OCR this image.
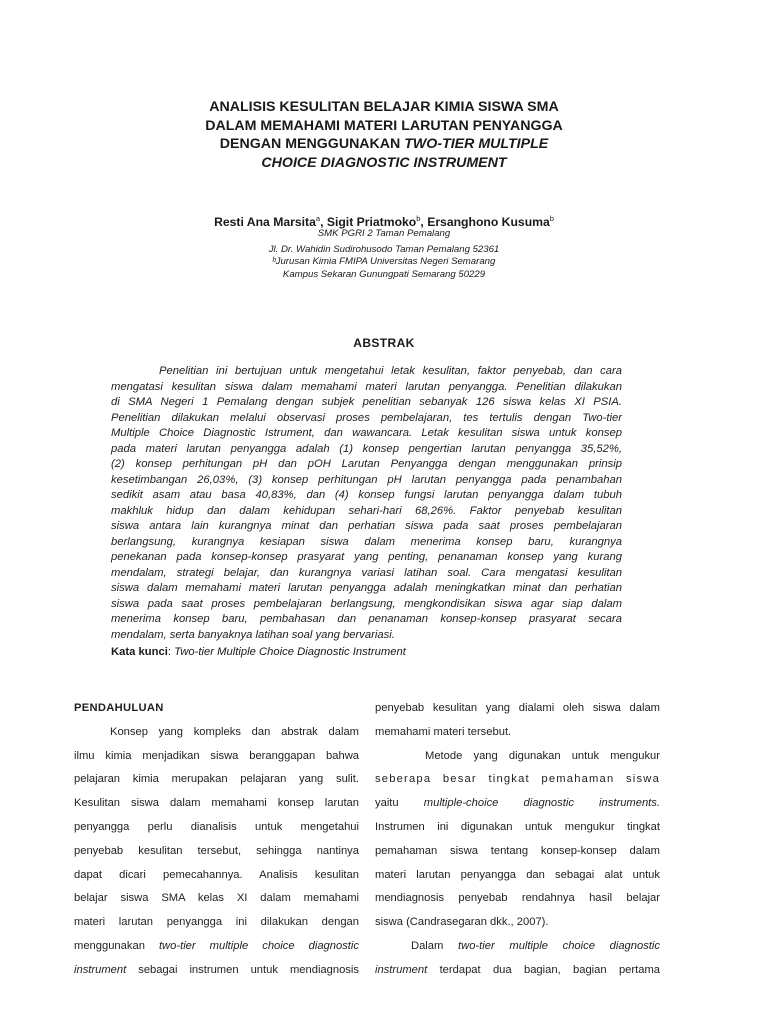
ANALISIS KESULITAN BELAJAR KIMIA SISWA SMA
DALAM MEMAHAMI MATERI LARUTAN PENYANGGA
DENGAN MENGGUNAKAN TWO-TIER MULTIPLE
CHOICE DIAGNOSTIC INSTRUMENT
Resti Ana Marsita$^a$, Sigit Priatmoko$^b$, Ersanghono Kusuma$^b$
SMK PGRI 2 Taman Pemalang
Jl. Dr. Wahidin Sudirohusodo Taman Pemalang 52361
ᵇJurusan Kimia FMIPA Universitas Negeri Semarang
Kampus Sekaran Gunungpati Semarang 50229
ABSTRAK
Penelitian ini bertujuan untuk mengetahui letak kesulitan, faktor penyebab, dan cara
mengatasi kesulitan siswa dalam memahami materi larutan penyangga. Penelitian dilakukan
di SMA Negeri 1 Pemalang dengan subjek penelitian sebanyak 126 siswa kelas XI PSIA.
Penelitian dilakukan melalui observasi proses pembelajaran, tes tertulis dengan Two-tier
Multiple Choice Diagnostic Istrument, dan wawancara. Letak kesulitan siswa untuk konsep
pada materi larutan penyangga adalah (1) konsep pengertian larutan penyangga 35,52%,
(2) konsep perhitungan pH dan pOH Larutan Penyangga dengan menggunakan prinsip
kesetimbangan 26,03%, (3) konsep perhitungan pH larutan penyangga pada penambahan
sedikit asam atau basa 40,83%, dan (4) konsep fungsi larutan penyangga dalam tubuh
makhluk hidup dan dalam kehidupan sehari-hari 68,26%. Faktor penyebab kesulitan
siswa antara lain kurangnya minat dan perhatian siswa pada saat proses pembelajaran
berlangsung, kurangnya kesiapan siswa dalam menerima konsep baru, kurangnya
penekanan pada konsep-konsep prasyarat yang penting, penanaman konsep yang kurang
mendalam, strategi belajar, dan kurangnya variasi latihan soal. Cara mengatasi kesulitan
siswa dalam memahami materi larutan penyangga adalah meningkatkan minat dan perhatian
siswa pada saat proses pembelajaran berlangsung, mengkondisikan siswa agar siap dalam
menerima konsep baru, pembahasan dan penanaman konsep-konsep prasyarat secara
mendalam, serta banyaknya latihan soal yang bervariasi.
Kata kunci: Two-tier Multiple Choice Diagnostic Instrument
PENDAHULUAN
Konsep yang kompleks dan abstrak dalam
ilmu kimia menjadikan siswa beranggapan bahwa
pelajaran kimia merupakan pelajaran yang sulit.
Kesulitan siswa dalam memahami konsep larutan
penyangga perlu dianalisis untuk mengetahui
penyebab kesulitan tersebut, sehingga nantinya
dapat dicari pemecahannya. Analisis kesulitan
belajar siswa SMA kelas XI dalam memahami
materi larutan penyangga ini dilakukan dengan
menggunakan two-tier multiple choice diagnostic
instrument sebagai instrumen untuk mendiagnosis
penyebab kesulitan yang dialami oleh siswa dalam
memahami materi tersebut.
Metode yang digunakan untuk mengukur
seberapa besar tingkat pemahaman siswa
yaitu multiple-choice diagnostic instruments.
Instrumen ini digunakan untuk mengukur tingkat
pemahaman siswa tentang konsep-konsep dalam
materi larutan penyangga dan sebagai alat untuk
mendiagnosis penyebab rendahnya hasil belajar
siswa (Candrasegaran dkk., 2007).
Dalam two-tier multiple choice diagnostic
instrument terdapat dua bagian, bagian pertama
